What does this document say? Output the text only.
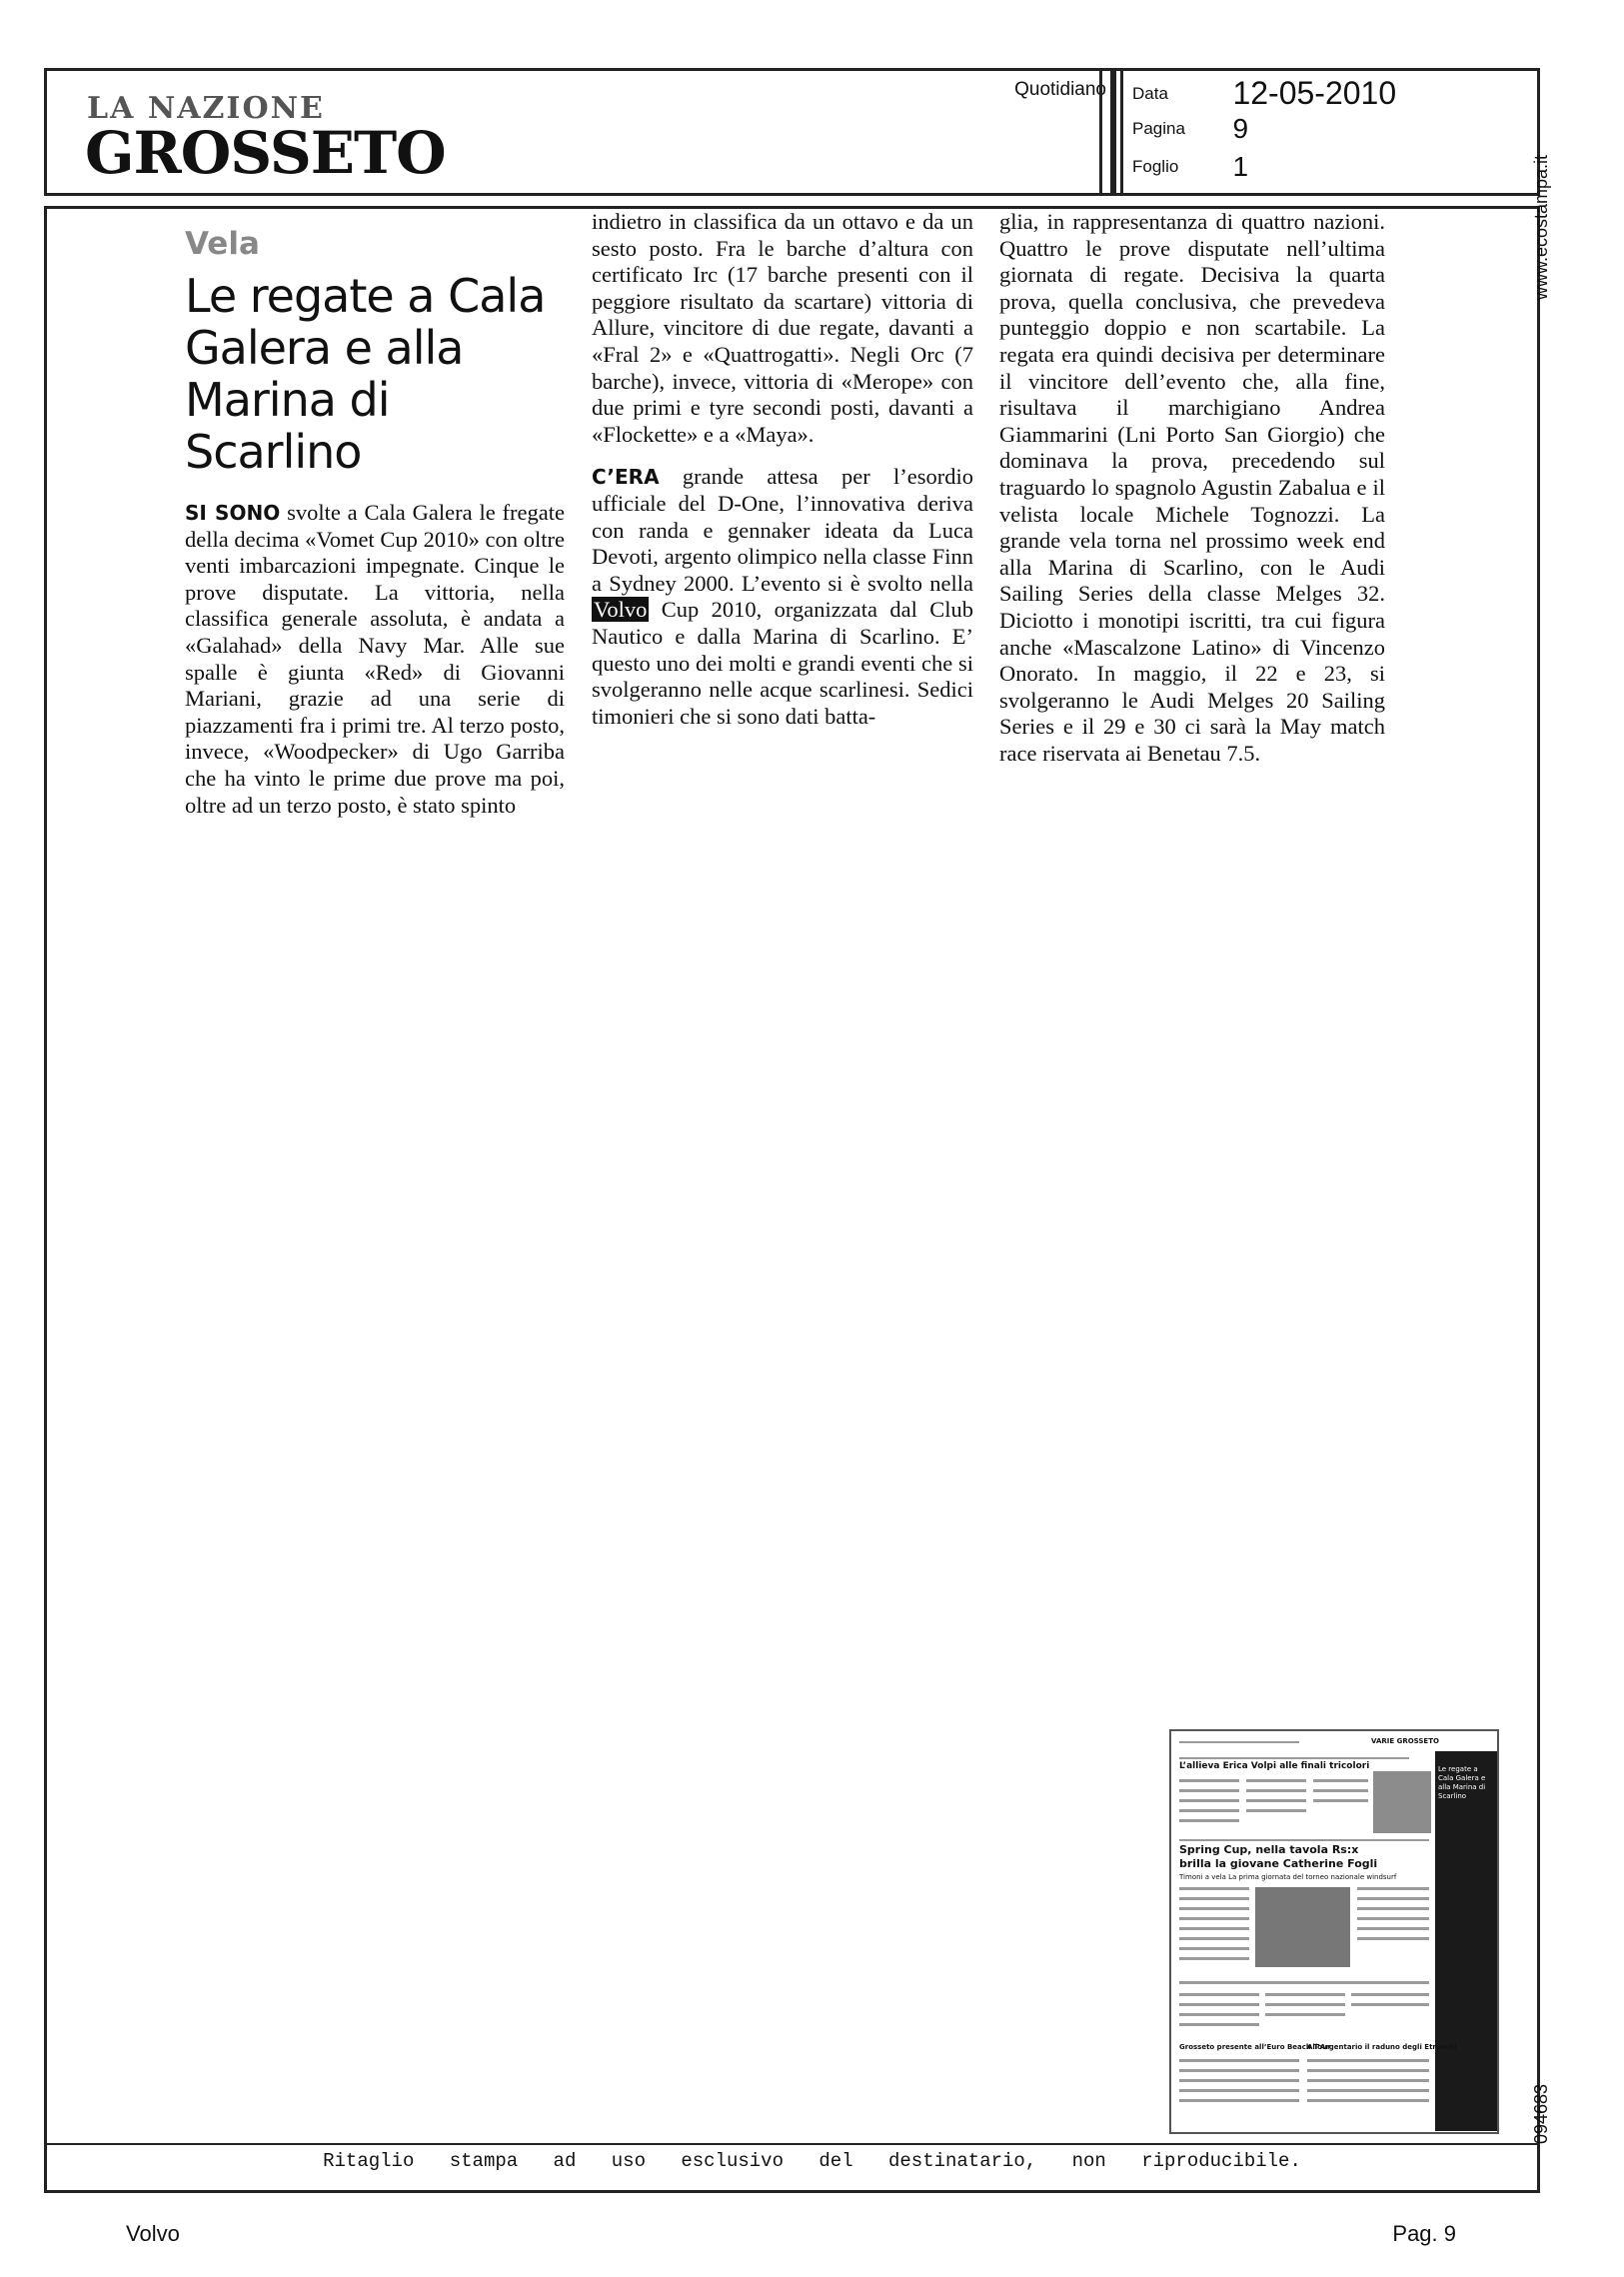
LA NAZIONE
GROSSETO
Quotidiano Data 12-05-2010
Pagina 9
Foglio 1
Vela
Le regate a Cala Galera e alla Marina di Scarlino
SI SONO svolte a Cala Galera le fregate della decima «Vomet Cup 2010» con oltre venti imbarcazioni impegnate. Cinque le prove disputate. La vittoria, nella classifica generale assoluta, è andata a «Galahad» della Navy Mar. Alle sue spalle è giunta «Red» di Giovanni Mariani, grazie ad una serie di piazzamenti fra i primi tre. Al terzo posto, invece, «Woodpecker» di Ugo Garriba che ha vinto le prime due prove ma poi, oltre ad un terzo posto, è stato spinto
indietro in classifica da un ottavo e da un sesto posto. Fra le barche d’altura con certificato Irc (17 barche presenti con il peggiore risultato da scartare) vittoria di Allure, vincitore di due regate, davanti a «Fral 2» e «Quattrogatti». Negli Orc (7 barche), invece, vittoria di «Merope» con due primi e tyre secondi posti, davanti a «Flockette» e a «Maya».
C’ERA grande attesa per l’esordio ufficiale del D-One, l’innovativa deriva con randa e gennaker ideata da Luca Devoti, argento olimpico nella classe Finn a Sydney 2000. L’evento si è svolto nella Volvo Cup 2010, organizzata dal Club Nautico e dalla Marina di Scarlino. E’ questo uno dei molti e grandi eventi che si svolgeranno nelle acque scarlinesi. Sedici timonieri che si sono dati batta-
glia, in rappresentanza di quattro nazioni. Quattro le prove disputate nell’ultima giornata di regate. Decisiva la quarta prova, quella conclusiva, che prevedeva punteggio doppio e non scartabile. La regata era quindi decisiva per determinare il vincitore dell’evento che, alla fine, risultava il marchigiano Andrea Giammarini (Lni Porto San Giorgio) che dominava la prova, precedendo sul traguardo lo spagnolo Agustin Zabalua e il velista locale Michele Tognozzi. La grande vela torna nel prossimo week end alla Marina di Scarlino, con le Audi Sailing Series della classe Melges 32. Diciotto i monotipi iscritti, tra cui figura anche «Mascalzone Latino» di Vincenzo Onorato. In maggio, il 22 e 23, si svolgeranno le Audi Melges 20 Sailing Series e il 29 e 30 ci sarà la May match race riservata ai Benetau 7.5.
www.ecostampa.it
094683
VARIE GROSSETO
L’allieva Erica Volpi alle finali tricolori	Le regate a Cala Galera e alla Marina di Scarlino
Spring Cup, nella tavola Rs:x
brilla la giovane Catherine Fogli
Timoni a vela La prima giornata del torneo nazionale windsurf
Grosseto presente all’Euro Beach Tour
All’Argentario il raduno degli Etruschi
Ritaglio stampa ad uso esclusivo del destinatario, non riproducibile.
Volvo	Pag. 9
